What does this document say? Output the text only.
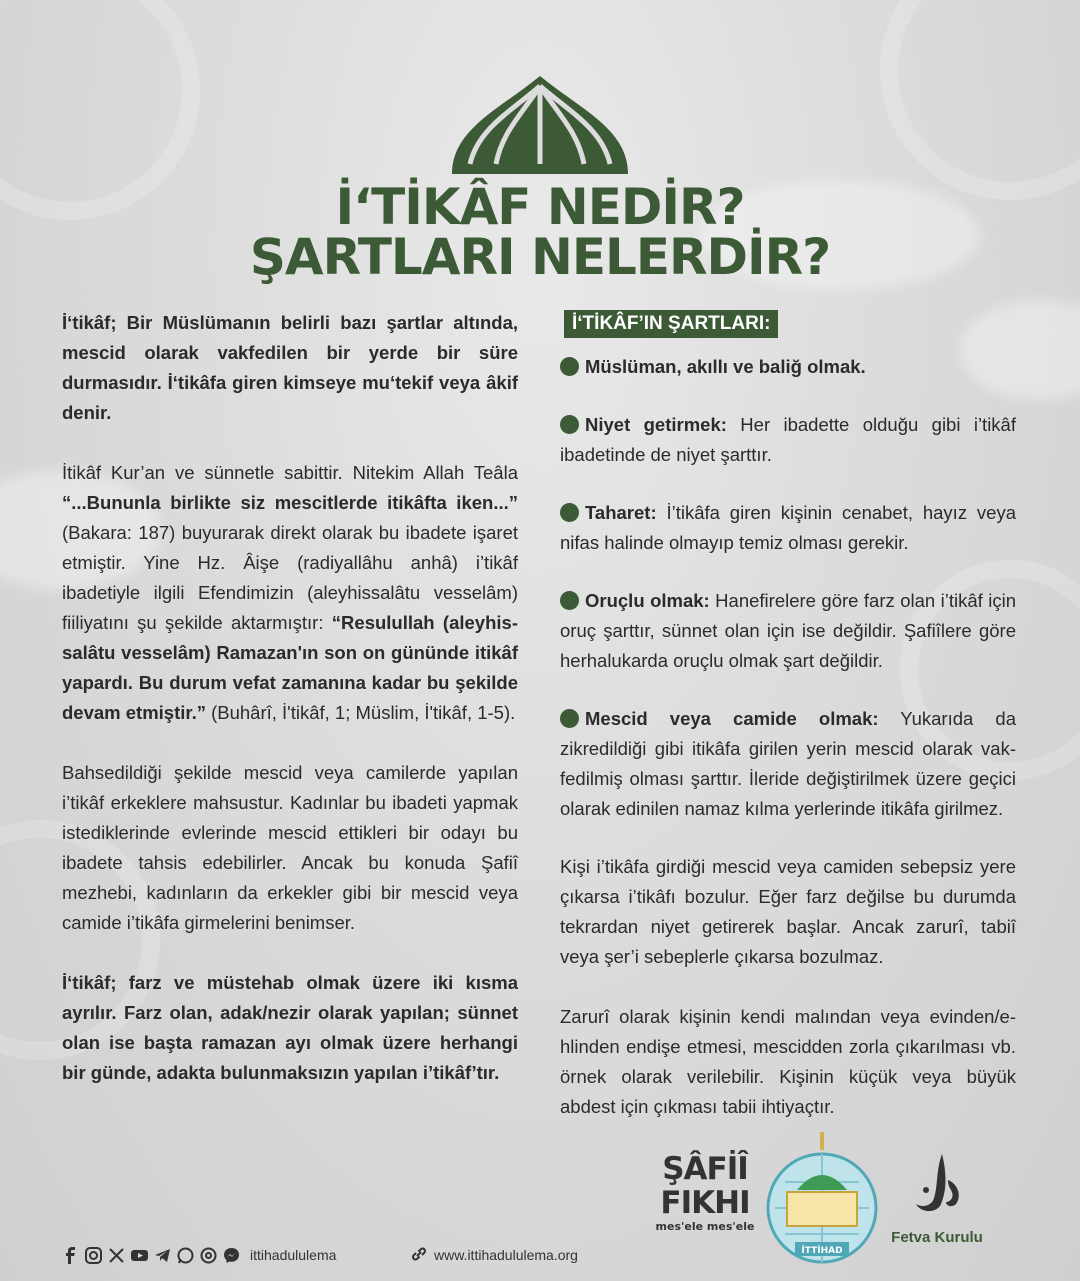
İ‘TİKÂF NEDİR?
ŞARTLARI NELERDİR?

İ‘tikâf; Bir Müslümanın belirli bazı şartlar altında, mescid olarak vakfedilen bir yerde bir süre durmasıdır. İ‘tikâfa giren kimseye mu‘tekif veya âkif denir.

İtikâf Kur’an ve sünnetle sabittir. Nitekim Allah Teâla “...Bununla birlikte siz mescitlerde itikâfta iken...” (Bakara: 187) buyurarak direkt olarak bu ibadete işaret etmiştir. Yine Hz. Âişe (radiyallâhu anhâ) i’tikâf ibadetiyle ilgili Efendimizin (aleyhissalâtu vesselâm) fiiliyatını şu şekilde aktarmıştır: “Resulullah (aleyhissalâtu vesselâm) Ramazan'ın son on gününde itikâf yapardı. Bu durum vefat zamanına kadar bu şekilde devam etmiştir.” (Buhârî, İ'tikâf, 1; Müslim, İ'tikâf, 1-5).

Bahsedildiği şekilde mescid veya camilerde yapılan i’tikâf erkeklere mahsustur. Kadınlar bu ibadeti yapmak istediklerinde evlerinde mescid ettikleri bir odayı bu ibadete tahsis edebilirler. Ancak bu konuda Şafiî mezhebi, kadınların da erkekler gibi bir mescid veya camide i’tikâfa girmelerini benimser.

İ‘tikâf; farz ve müstehab olmak üzere iki kısma ayrılır. Farz olan, adak/nezir olarak yapılan; sünnet olan ise başta ramazan ayı olmak üzere herhangi bir günde, adakta bulunmaksızın yapılan i’tikâf’tır.

İ‘TİKÂF’IN ŞARTLARI:

Müslüman, akıllı ve baliğ olmak.

Niyet getirmek: Her ibadette olduğu gibi i’tikâf ibadetinde de niyet şarttır.

Taharet: İ’tikâfa giren kişinin cenabet, hayız veya nifas halinde olmayıp temiz olması gerekir.

Oruçlu olmak: Hanefirelere göre farz olan i’tikâf için oruç şarttır, sünnet olan için ise değildir. Şafiîlere göre herhalukarda oruçlu olmak şart değildir.

Mescid veya camide olmak: Yukarıda da zikredildiği gibi itikâfa girilen yerin mescid olarak vakfedilmiş olması şarttır. İleride değiştirilmek üzere geçici olarak edinilen namaz kılma yerlerinde itikâfa girilmez.

Kişi i’tikâfa girdiği mescid veya camiden sebepsiz yere çıkarsa i’tikâfı bozulur. Eğer farz değilse bu durumda tekrardan niyet getirerek başlar. Ancak zarurî, tabiî veya şer’i sebeplerle çıkarsa bozulmaz.

Zarurî olarak kişinin kendi malından veya evinden/ehlinden endişe etmesi, mescidden zorla çıkarılması vb. örnek olarak verilebilir. Kişinin küçük veya büyük abdest için çıkması tabii ihtiyaçtır.

ŞÂFİÎ
FIKHI
mes'ele mes'ele
İTTİHAD
Fetva Kurulu
ittihadululema	www.ittihadululema.org
